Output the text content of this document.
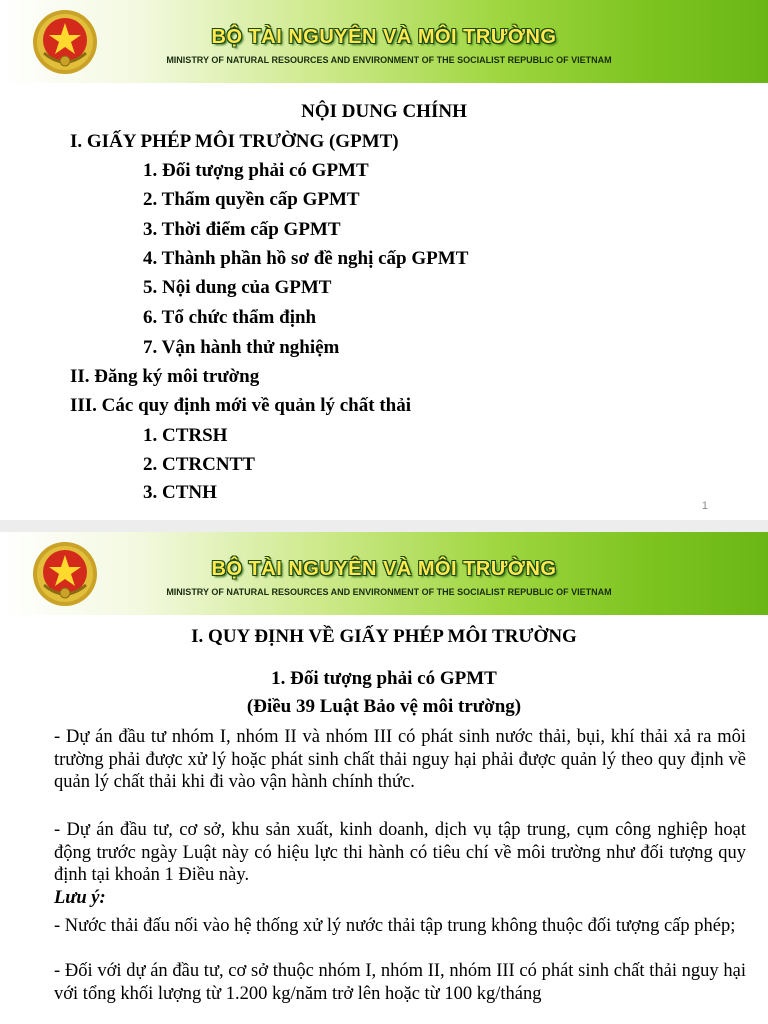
BỘ TÀI NGUYÊN VÀ MÔI TRƯỜNG
MINISTRY OF NATURAL RESOURCES AND ENVIRONMENT OF THE SOCIALIST REPUBLIC OF VIETNAM
NỘI DUNG CHÍNH
I. GIẤY PHÉP MÔI TRƯỜNG (GPMT)
1. Đối tượng phải có GPMT
2. Thẩm quyền cấp GPMT
3. Thời điểm cấp GPMT
4. Thành phần hồ sơ đề nghị cấp GPMT
5. Nội dung của GPMT
6. Tổ chức thẩm định
7. Vận hành thử nghiệm
II. Đăng ký môi trường
III. Các quy định mới về quản lý chất thải
1. CTRSH
2. CTRCNTT
3. CTNH
1
BỘ TÀI NGUYÊN VÀ MÔI TRƯỜNG
MINISTRY OF NATURAL RESOURCES AND ENVIRONMENT OF THE SOCIALIST REPUBLIC OF VIETNAM
I. QUY ĐỊNH VỀ GIẤY PHÉP MÔI TRƯỜNG
1. Đối tượng phải có GPMT
(Điều 39 Luật Bảo vệ môi trường)
- Dự án đầu tư nhóm I, nhóm II và nhóm III có phát sinh nước thải, bụi, khí thải xả ra môi trường phải được xử lý hoặc phát sinh chất thải nguy hại phải được quản lý theo quy định về quản lý chất thải khi đi vào vận hành chính thức.
- Dự án đầu tư, cơ sở, khu sản xuất, kinh doanh, dịch vụ tập trung, cụm công nghiệp hoạt động trước ngày Luật này có hiệu lực thi hành có tiêu chí về môi trường như đối tượng quy định tại khoản 1 Điều này.
Lưu ý:
- Nước thải đấu nối vào hệ thống xử lý nước thải tập trung không thuộc đối tượng cấp phép;
- Đối với dự án đầu tư, cơ sở thuộc nhóm I, nhóm II, nhóm III có phát sinh chất thải nguy hại với tổng khối lượng từ 1.200 kg/năm trở lên hoặc từ 100 kg/tháng
